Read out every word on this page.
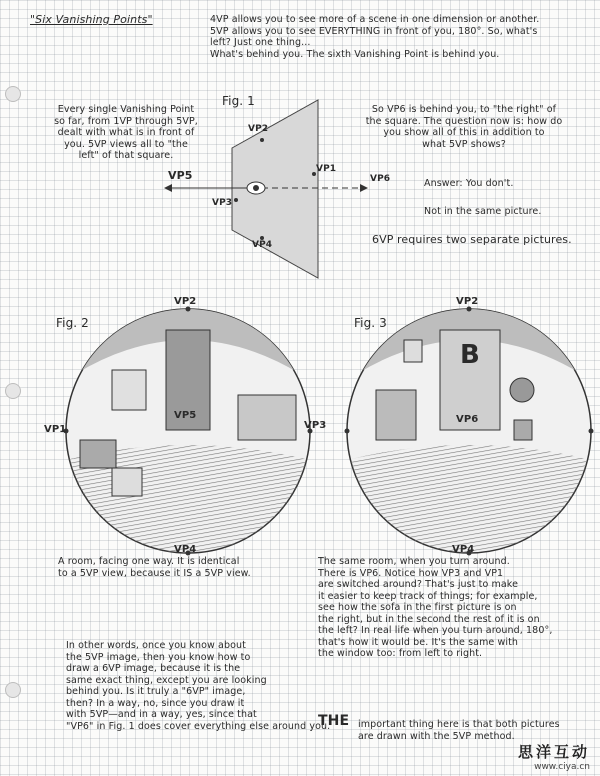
"Six Vanishing Points"	4VP allows you to see more of a scene in one dimension or another.
5VP allows you to see EVERYTHING in front of you, 180°. So, what's
left? Just one thing...
What's behind you. The sixth Vanishing Point is behind you.
Every single Vanishing Point
so far, from 1VP through 5VP,
dealt with what is in front of
you. 5VP views all to "the
left" of that square.
Fig. 1
VP2
VP1
VP5	VP6
VP3
VP4
So VP6 is behind you, to "the right" of
the square. The question now is: how do
you show all of this in addition to
what 5VP shows?
Answer: You don't.
Not in the same picture.
6VP requires two separate pictures.
Fig. 2
VP2
VP1	VP3
VP5
VP4
Fig. 3
VP2
B
VP6
VP4
A room, facing one way. It is identical
to a 5VP view, because it IS a 5VP view.
The same room, when you turn around.
There is VP6. Notice how VP3 and VP1
are switched around? That's just to make
it easier to keep track of things; for example,
see how the sofa in the first picture is on
the right, but in the second the rest of it is on
the left? In real life when you turn around, 180°,
that's how it would be. It's the same with
the window too: from left to right.
In other words, once you know about
the 5VP image, then you know how to
draw a 6VP image, because it is the
same exact thing, except you are looking
behind you. Is it truly a "6VP" image,
then? In a way, no, since you draw it
with 5VP—and in a way, yes, since that
"VP6" in Fig. 1 does cover everything else around you.
THE important thing here is that both pictures
are drawn with the 5VP method.
思洋互动
www.ciya.cn
